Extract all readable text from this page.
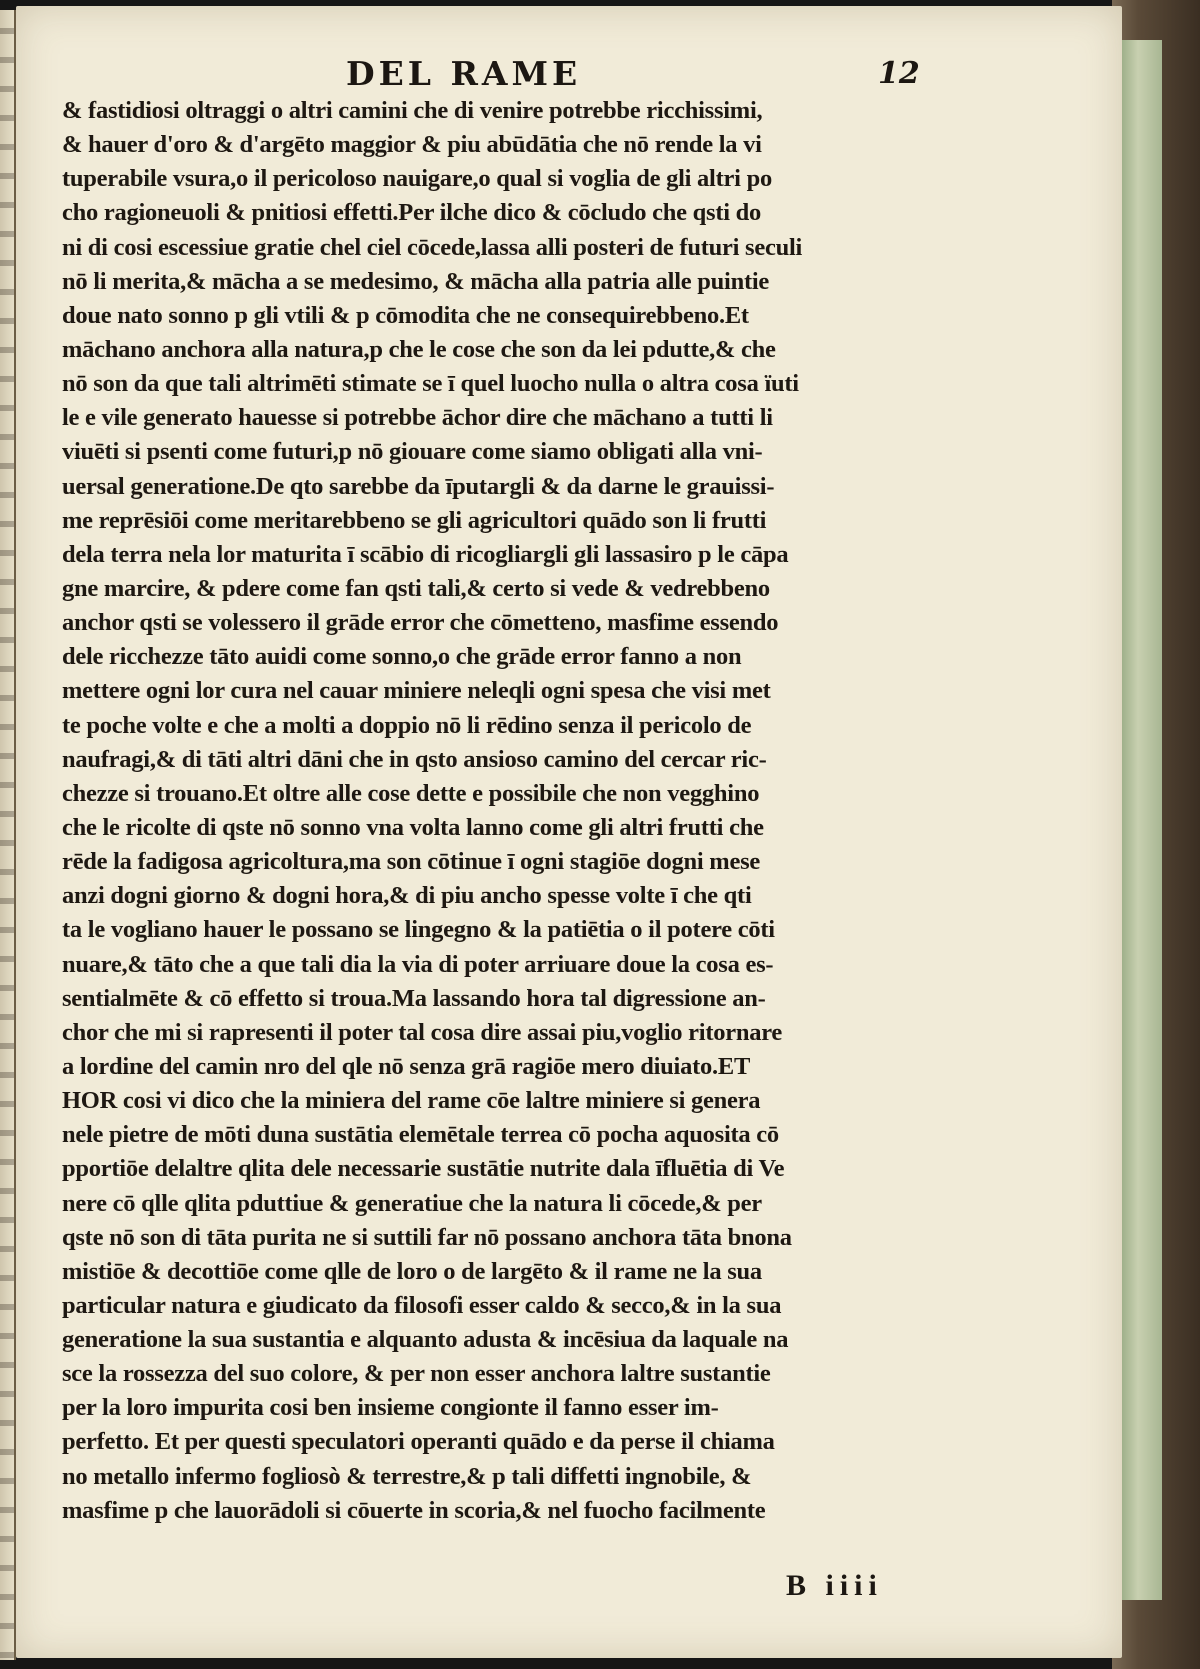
DEL RAME	12
& fastidiosi oltraggi o altri camini che di venire potrebbe ricchissimi,
& hauer d'oro & d'argēto maggior & piu abūdātia che nō rende la vi
tuperabile vsura,o il pericoloso nauigare,o qual si voglia de gli altri po
cho ragioneuoli & pnitiosi effetti.Per ilche dico & cōcludo che qsti do
ni di cosi escessiue gratie chel ciel cōcede,lassa alli posteri de futuri seculi
nō li merita,& mācha a se medesimo, & mācha alla patria alle puintie
doue nato sonno p gli vtili & p cōmodita che ne consequirebbeno.Et
māchano anchora alla natura,p che le cose che son da lei pdutte,& che
nō son da que tali altrimēti stimate se ī quel luocho nulla o altra cosa ïuti
le e vile generato hauesse si potrebbe āchor dire che māchano a tutti li
viuēti si psenti come futuri,p nō giouare come siamo obligati alla vni-
uersal generatione.De qto sarebbe da īputargli & da darne le grauissi-
me reprēsiōi come meritarebbeno se gli agricultori quādo son li frutti
dela terra nela lor maturita ī scābio di ricogliargli gli lassasiro p le cāpa
gne marcire, & pdere come fan qsti tali,& certo si vede & vedrebbeno
anchor qsti se volessero il grāde error che cōmetteno, masfime essendo
dele ricchezze tāto auidi come sonno,o che grāde error fanno a non
mettere ogni lor cura nel cauar miniere neleqli ogni spesa che visi met
te poche volte e che a molti a doppio nō li rēdino senza il pericolo de
naufragi,& di tāti altri dāni che in qsto ansioso camino del cercar ric-
chezze si trouano.Et oltre alle cose dette e possibile che non vegghino
che le ricolte di qste nō sonno vna volta lanno come gli altri frutti che
rēde la fadigosa agricoltura,ma son cōtinue ī ogni stagiōe dogni mese
anzi dogni giorno & dogni hora,& di piu ancho spesse volte ī che qti
ta le vogliano hauer le possano se lingegno & la patiētia o il potere cōti
nuare,& tāto che a que tali dia la via di poter arriuare doue la cosa es-
sentialmēte & cō effetto si troua.Ma lassando hora tal digressione an-
chor che mi si rapresenti il poter tal cosa dire assai piu,voglio ritornare
a lordine del camin nro del qle nō senza grā ragiōe mero diuiato.ET
HOR cosi vi dico che la miniera del rame cōe laltre miniere si genera
nele pietre de mōti duna sustātia elemētale terrea cō pocha aquosita cō
pportiōe delaltre qlita dele necessarie sustātie nutrite dala īfluētia di Ve
nere cō qlle qlita pduttiue & generatiue che la natura li cōcede,& per
qste nō son di tāta purita ne si suttili far nō possano anchora tāta bnona
mistiōe & decottiōe come qlle de loro o de largēto & il rame ne la sua
particular natura e giudicato da filosofi esser caldo & secco,& in la sua
generatione la sua sustantia e alquanto adusta & incēsiua da laquale na
sce la rossezza del suo colore, & per non esser anchora laltre sustantie
per la loro impurita cosi ben insieme congionte il fanno esser im-
perfetto. Et per questi speculatori operanti quādo e da perse il chiama
no metallo infermo fogliosò & terrestre,& p tali diffetti ingnobile, &
masfime p che lauorādoli si cōuerte in scoria,& nel fuocho facilmente
B iiii
